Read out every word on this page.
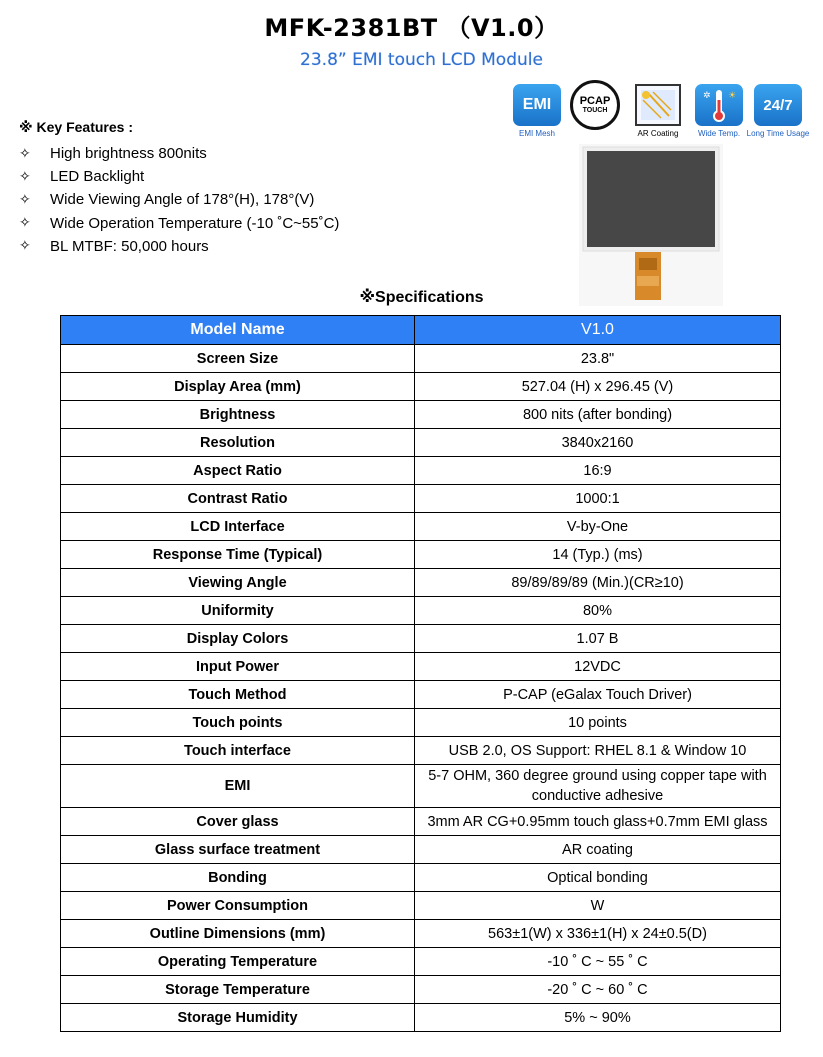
MFK-2381BT （V1.0）
23.8” EMI touch LCD Module
※ Key Features :
✧	High brightness 800nits
✧	LED Backlight
✧	Wide Viewing Angle of 178°(H), 178°(V)
✧	Wide Operation Temperature (-10 ˚C~55˚C)
✧	BL MTBF: 50,000 hours
EMI
EMI Mesh
PCAP
TOUCH
AR Coating
✲ ☀
Wide Temp.
24/7
Long Time Usage
※Specifications
Model Name	V1.0
Screen Size	23.8"
Display Area (mm)	527.04 (H) x 296.45 (V)
Brightness	800 nits (after bonding)
Resolution	3840x2160
Aspect Ratio	16:9
Contrast Ratio	1000:1
LCD Interface	V-by-One
Response Time (Typical)	14 (Typ.) (ms)
Viewing Angle	89/89/89/89 (Min.)(CR≥10)
Uniformity	80%
Display Colors	1.07 B
Input Power	12VDC
Touch Method	P-CAP (eGalax Touch Driver)
Touch points	10 points
Touch interface	USB 2.0, OS Support: RHEL 8.1 & Window 10
EMI	5-7 OHM, 360 degree ground using copper tape with conductive adhesive
Cover glass	3mm AR CG+0.95mm touch glass+0.7mm EMI glass
Glass surface treatment	AR coating
Bonding	Optical bonding
Power Consumption	W
Outline Dimensions (mm)	563±1(W) x 336±1(H) x 24±0.5(D)
Operating Temperature	-10 ˚ C ~ 55 ˚ C
Storage Temperature	-20 ˚ C ~ 60 ˚ C
Storage Humidity	5% ~ 90%
